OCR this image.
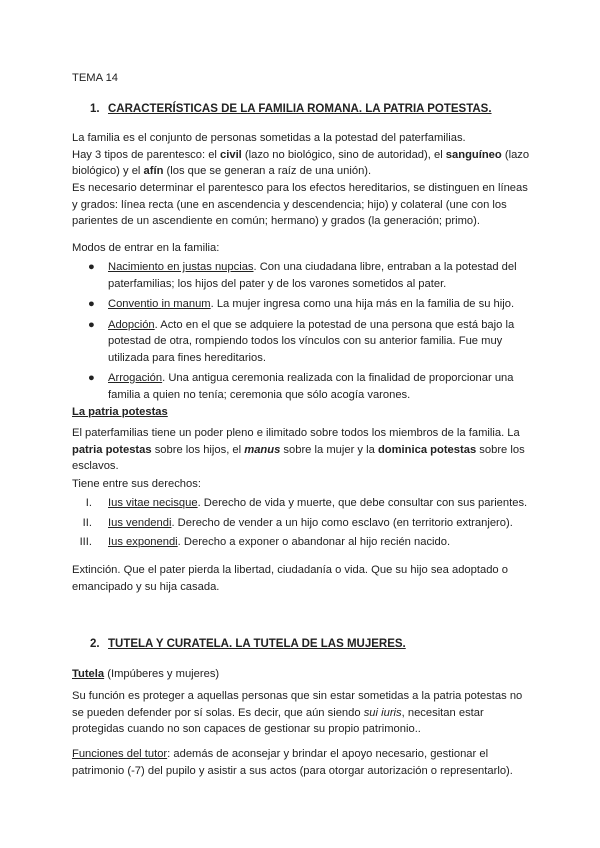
TEMA 14

1. CARACTERÍSTICAS DE LA FAMILIA ROMANA. LA PATRIA POTESTAS.

La familia es el conjunto de personas sometidas a la potestad del paterfamilias.

Hay 3 tipos de parentesco: el civil (lazo no biológico, sino de autoridad), el sanguíneo (lazo biológico) y el afín (los que se generan a raíz de una unión).

Es necesario determinar el parentesco para los efectos hereditarios, se distinguen en líneas y grados: línea recta (une en ascendencia y descendencia; hijo) y colateral (une con los parientes de un ascendiente en común; hermano) y grados (la generación; primo).

Modos de entrar en la familia:

● Nacimiento en justas nupcias. Con una ciudadana libre, entraban a la potestad del paterfamilias; los hijos del pater y de los varones sometidos al pater.
● Conventio in manum. La mujer ingresa como una hija más en la familia de su hijo.
● Adopción. Acto en el que se adquiere la potestad de una persona que está bajo la potestad de otra, rompiendo todos los vínculos con su anterior familia. Fue muy utilizada para fines hereditarios.
● Arrogación. Una antigua ceremonia realizada con la finalidad de proporcionar una familia a quien no tenía; ceremonia que sólo acogía varones.

La patria potestas

El paterfamilias tiene un poder pleno e ilimitado sobre todos los miembros de la familia. La

patria potestas sobre los hijos, el manus sobre la mujer y la dominica potestas sobre los esclavos.

Tiene entre sus derechos:

I. Ius vitae necisque. Derecho de vida y muerte, que debe consultar con sus parientes.
II. Ius vendendi. Derecho de vender a un hijo como esclavo (en territorio extranjero).
III. Ius exponendi. Derecho a exponer o abandonar al hijo recién nacido.

Extinción. Que el pater pierda la libertad, ciudadanía o vida. Que su hijo sea adoptado o emancipado y su hija casada.

2. TUTELA Y CURATELA. LA TUTELA DE LAS MUJERES.

Tutela (Impúberes y mujeres)

Su función es proteger a aquellas personas que sin estar sometidas a la patria potestas no se pueden defender por sí solas. Es decir, que aún siendo sui iuris, necesitan estar protegidas cuando no son capaces de gestionar su propio patrimonio..

Funciones del tutor: además de aconsejar y brindar el apoyo necesario, gestionar el patrimonio (-7) del pupilo y asistir a sus actos (para otorgar autorización o representarlo).
